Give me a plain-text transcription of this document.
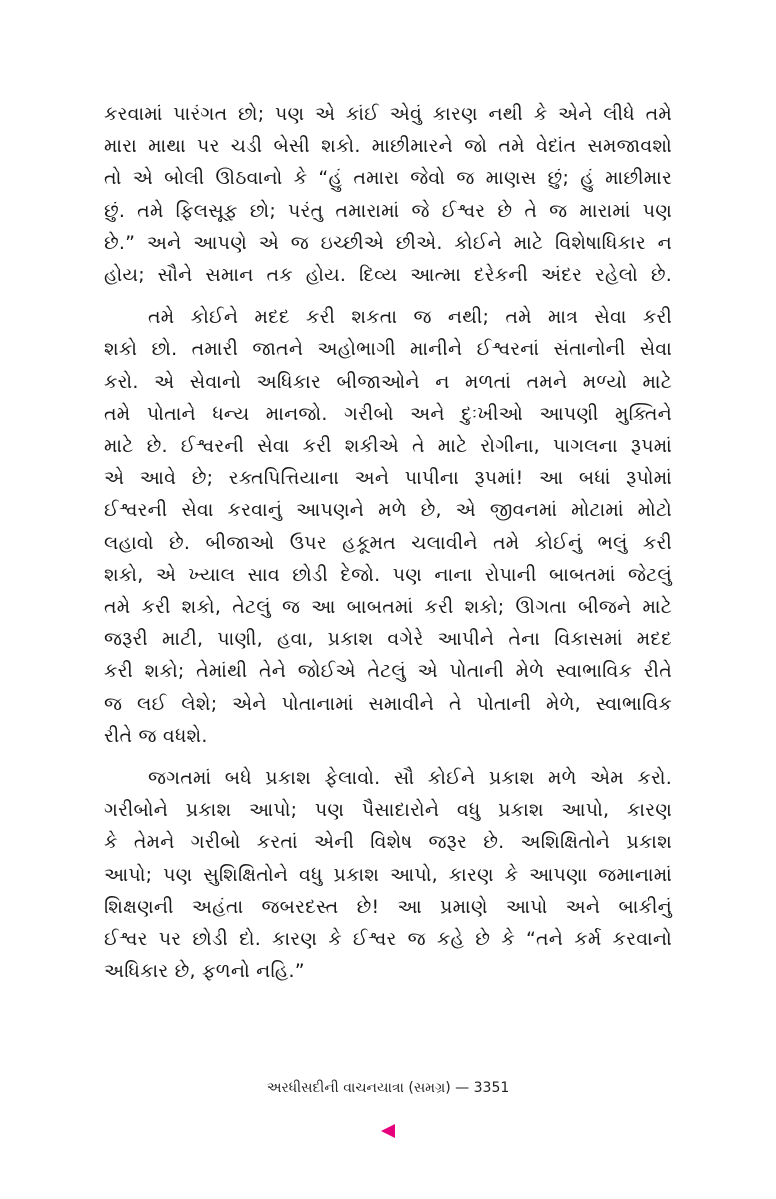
કરવામાં પારંગત છો; પણ એ કાંઈ એવું કારણ નથી કે એને લીધે તમે
મારા માથા પર ચડી બેસી શકો. માછીમારને જો તમે વેદાંત સમજાવશો
તો એ બોલી ઊઠવાનો કે “હું તમારા જેવો જ માણસ છું; હું માછીમાર
છું. તમે ફિલસૂફ છો; પરંતુ તમારામાં જે ઈશ્વર છે તે જ મારામાં પણ
છે.” અને આપણે એ જ ઇચ્છીએ છીએ. કોઈને માટે વિશેષાધિકાર ન
હોય; સૌને સમાન તક હોય. દિવ્ય આત્મા દરેકની અંદર રહેલો છે.
તમે કોઈને મદદ કરી શકતા જ નથી; તમે માત્ર સેવા કરી
શકો છો. તમારી જાતને અહોભાગી માનીને ઈશ્વરનાં સંતાનોની સેવા
કરો. એ સેવાનો અધિકાર બીજાઓને ન મળતાં તમને મળ્યો માટે
તમે પોતાને ધન્ય માનજો. ગરીબો અને દુઃખીઓ આપણી મુક્તિને
માટે છે. ઈશ્વરની સેવા કરી શકીએ તે માટે રોગીના, પાગલના રૂપમાં
એ આવે છે; રક્તપિત્તિયાના અને પાપીના રૂપમાં! આ બધાં રૂપોમાં
ઈશ્વરની સેવા કરવાનું આપણને મળે છે, એ જીવનમાં મોટામાં મોટો
લહાવો છે. બીજાઓ ઉપર હકૂમત ચલાવીને તમે કોઈનું ભલું કરી
શકો, એ ખ્યાલ સાવ છોડી દેજો. પણ નાના રોપાની બાબતમાં જેટલું
તમે કરી શકો, તેટલું જ આ બાબતમાં કરી શકો; ઊગતા બીજને માટે
જરૂરી માટી, પાણી, હવા, પ્રકાશ વગેરે આપીને તેના વિકાસમાં મદદ
કરી શકો; તેમાંથી તેને જોઈએ તેટલું એ પોતાની મેળે સ્વાભાવિક રીતે
જ લઈ લેશે; એને પોતાનામાં સમાવીને તે પોતાની મેળે, સ્વાભાવિક
રીતે જ વધશે.
જગતમાં બધે પ્રકાશ ફેલાવો. સૌ કોઈને પ્રકાશ મળે એમ કરો.
ગરીબોને પ્રકાશ આપો; પણ પૈસાદારોને વધુ પ્રકાશ આપો, કારણ
કે તેમને ગરીબો કરતાં એની વિશેષ જરૂર છે. અશિક્ષિતોને પ્રકાશ
આપો; પણ સુશિક્ષિતોને વધુ પ્રકાશ આપો, કારણ કે આપણા જમાનામાં
શિક્ષણની અહંતા જબરદસ્ત છે! આ પ્રમાણે આપો અને બાકીનું
ઈશ્વર પર છોડી દો. કારણ કે ઈશ્વર જ કહે છે કે “તને કર્મ કરવાનો
અધિકાર છે, ફળનો નહિ.”
અરધીસદીની વાચનયાત્રા (સમગ્ર) — 3351
